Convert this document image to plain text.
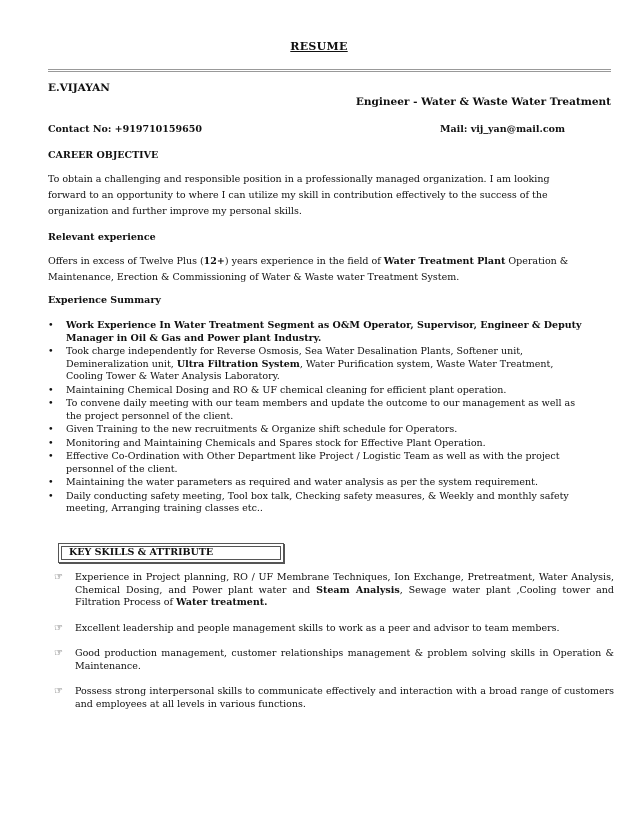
RESUME
E.VIJAYAN
Engineer - Water & Waste Water Treatment
Contact No: +919710159650	Mail: vij_yan@mail.com
CAREER OBJECTIVE
To obtain a challenging and responsible position in a professionally managed organization. I am looking
forward to an opportunity to where I can utilize my skill in contribution effectively to the success of the
organization and further improve my personal skills.
Relevant experience
Offers in excess of Twelve Plus (12+) years experience in the field of Water Treatment Plant Operation &
Maintenance, Erection & Commissioning of Water & Waste water Treatment System.
Experience Summary
• Work Experience In Water Treatment Segment as O&M Operator, Supervisor, Engineer & Deputy
Manager in Oil & Gas and Power plant Industry.
• Took charge independently for Reverse Osmosis, Sea Water Desalination Plants, Softener unit,
Demineralization unit, Ultra Filtration System, Water Purification system, Waste Water Treatment,
Cooling Tower & Water Analysis Laboratory.
• Maintaining Chemical Dosing and RO & UF chemical cleaning for efficient plant operation.
• To convene daily meeting with our team members and update the outcome to our management as well as
the project personnel of the client.
• Given Training to the new recruitments & Organize shift schedule for Operators.
• Monitoring and Maintaining Chemicals and Spares stock for Effective Plant Operation.
• Effective Co-Ordination with Other Department like Project / Logistic Team as well as with the project
personnel of the client.
• Maintaining the water parameters as required and water analysis as per the system requirement.
• Daily conducting safety meeting, Tool box talk, Checking safety measures, & Weekly and monthly safety
meeting, Arranging training classes etc..
KEY SKILLS & ATTRIBUTE
☞ Experience in Project planning, RO / UF Membrane Techniques, Ion Exchange, Pretreatment, Water Analysis, Chemical Dosing, and Power plant water and Steam Analysis, Sewage water plant ,Cooling tower and Filtration Process of Water treatment.
☞ Excellent leadership and people management skills to work as a peer and advisor to team members.
☞ Good production management, customer relationships management & problem solving skills in Operation & Maintenance.
☞ Possess strong interpersonal skills to communicate effectively and interaction with a broad range of customers and employees at all levels in various functions.
